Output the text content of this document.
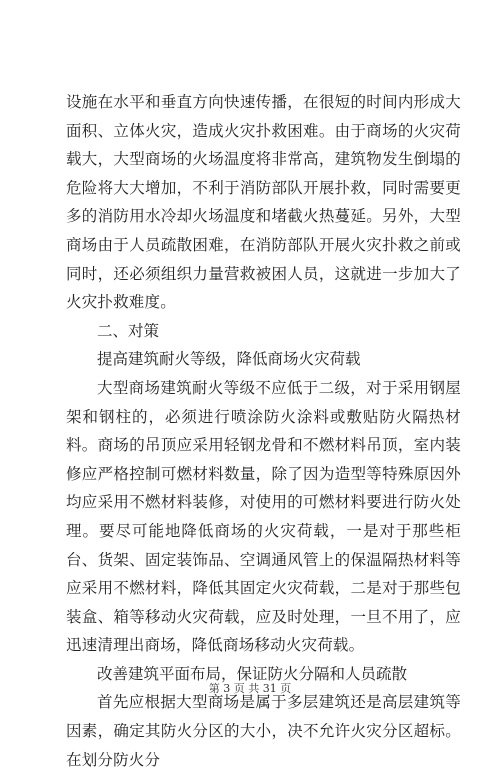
设施在水平和垂直方向快速传播，在很短的时间内形成大面积、立体火灾，造成火灾扑救困难。由于商场的火灾荷载大，大型商场的火场温度将非常高，建筑物发生倒塌的危险将大大增加，不利于消防部队开展扑救，同时需要更多的消防用水冷却火场温度和堵截火热蔓延。另外，大型商场由于人员疏散困难，在消防部队开展火灾扑救之前或同时，还必须组织力量营救被困人员，这就进一步加大了火灾扑救难度。

二、对策

提高建筑耐火等级，降低商场火灾荷载

大型商场建筑耐火等级不应低于二级，对于采用钢屋架和钢柱的，必须进行喷涂防火涂料或敷贴防火隔热材料。商场的吊顶应采用轻钢龙骨和不燃材料吊顶，室内装修应严格控制可燃材料数量，除了因为造型等特殊原因外均应采用不燃材料装修，对使用的可燃材料要进行防火处理。要尽可能地降低商场的火灾荷载，一是对于那些柜台、货架、固定装饰品、空调通风管上的保温隔热材料等应采用不燃材料，降低其固定火灾荷载，二是对于那些包装盒、箱等移动火灾荷载，应及时处理，一旦不用了，应迅速清理出商场，降低商场移动火灾荷载。

改善建筑平面布局，保证防火分隔和人员疏散

首先应根据大型商场是属于多层建筑还是高层建筑等因素，确定其防火分区的大小，决不允许火灾分区超标。在划分防火分

第 3 页 共 31 页
